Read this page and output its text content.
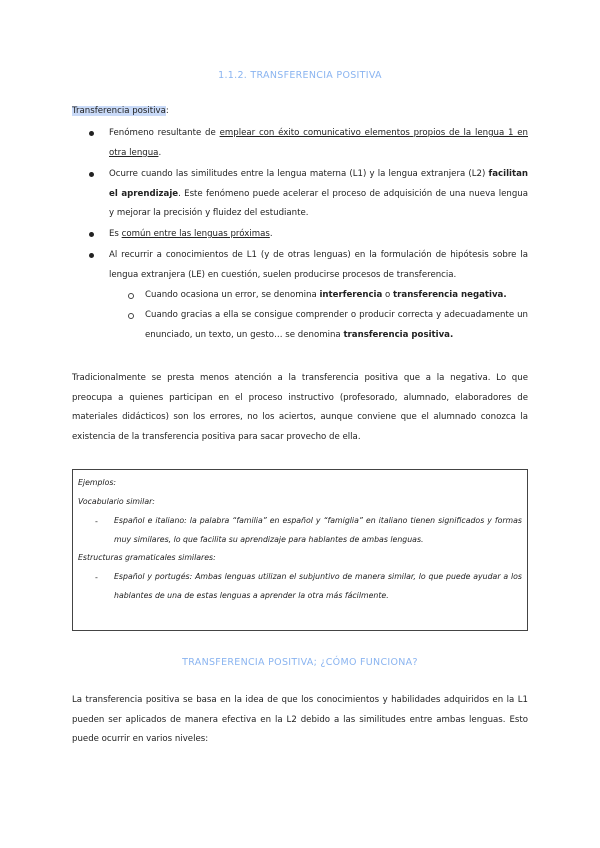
1.1.2. TRANSFERENCIA POSITIVA
Transferencia positiva:
Fenómeno resultante de emplear con éxito comunicativo elementos propios de la lengua 1 en otra lengua.
Ocurre cuando las similitudes entre la lengua materna (L1) y la lengua extranjera (L2) facilitan el aprendizaje. Este fenómeno puede acelerar el proceso de adquisición de una nueva lengua y mejorar la precisión y fluidez del estudiante.
Es común entre las lenguas próximas.
Al recurrir a conocimientos de L1 (y de otras lenguas) en la formulación de hipótesis sobre la lengua extranjera (LE) en cuestión, suelen producirse procesos de transferencia.
Cuando ocasiona un error, se denomina interferencia o transferencia negativa.
Cuando gracias a ella se consigue comprender o producir correcta y adecuadamente un enunciado, un texto, un gesto… se denomina transferencia positiva.
Tradicionalmente se presta menos atención a la transferencia positiva que a la negativa. Lo que preocupa a quienes participan en el proceso instructivo (profesorado, alumnado, elaboradores de materiales didácticos) son los errores, no los aciertos, aunque conviene que el alumnado conozca la existencia de la transferencia positiva para sacar provecho de ella.
Ejemplos:
Vocabulario similar:
- Español e italiano: la palabra “familia” en español y “famiglia” en italiano tienen significados y formas muy similares, lo que facilita su aprendizaje para hablantes de ambas lenguas.
Estructuras gramaticales similares:
- Español y portugés: Ambas lenguas utilizan el subjuntivo de manera similar, lo que puede ayudar a los hablantes de una de estas lenguas a aprender la otra más fácilmente.
TRANSFERENCIA POSITIVA; ¿CÓMO FUNCIONA?
La transferencia positiva se basa en la idea de que los conocimientos y habilidades adquiridos en la L1 pueden ser aplicados de manera efectiva en la L2 debido a las similitudes entre ambas lenguas. Esto puede ocurrir en varios niveles:
